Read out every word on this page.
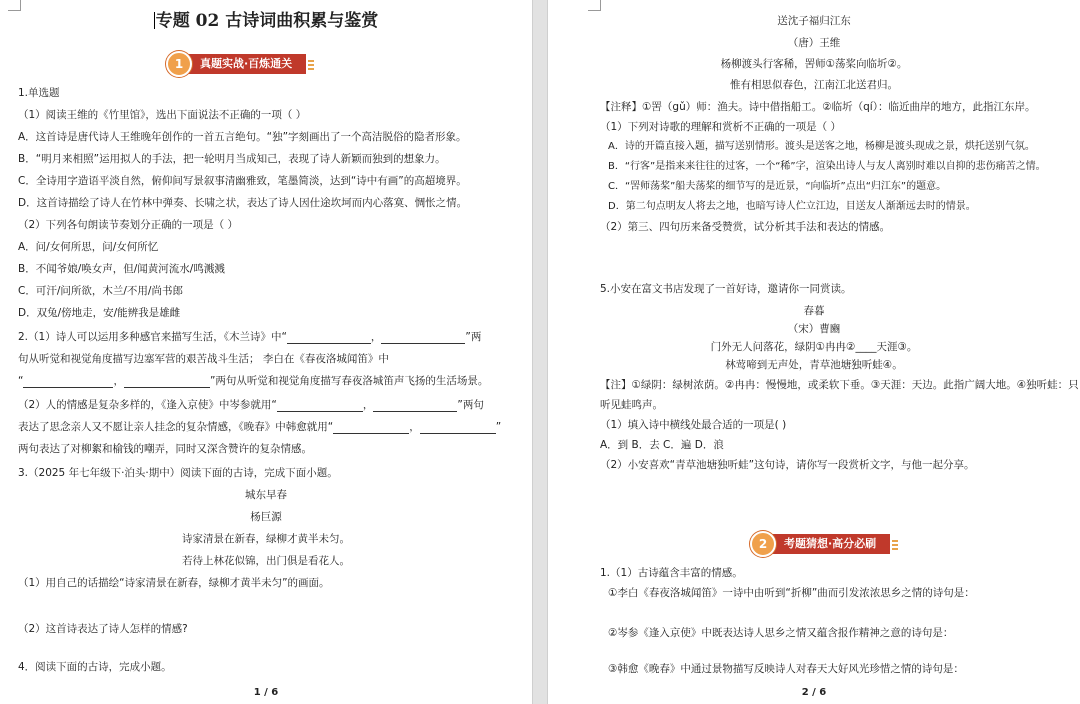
专题 02 古诗词曲积累与鉴赏
1	真题实战·百炼通关
1.单选题
（1）阅读王维的《竹里馆》，选出下面说法不正确的一项（ ）
A．这首诗是唐代诗人王维晚年创作的一首五言绝句。“独”字刻画出了一个高洁脱俗的隐者形象。
B．“明月来相照”运用拟人的手法，把一轮明月当成知己，表现了诗人新颖而独到的想象力。
C．全诗用字造语平淡自然，俯仰间写景叙事清幽雅致，笔墨简淡，达到“诗中有画”的高超境界。
D．这首诗描绘了诗人在竹林中弹奏、长啸之状，表达了诗人因仕途坎坷而内心落寞、惆怅之情。
（2）下列各句朗读节奏划分正确的一项是（ ）
A．问/女何所思，问/女何所忆
B．不闻爷娘/唤女声，但/闻黄河流水/鸣溅溅
C．可汗/问所欲，木兰/不用/尚书郎
D．双兔/傍地走，安/能辨我是雄雌
2.（1）诗人可以运用多种感官来描写生活，《木兰诗》中“	，	”两
句从听觉和视觉角度描写边塞军营的艰苦战斗生活； 李白在《春夜洛城闻笛》中
“	，	”两句从听觉和视觉角度描写春夜洛城笛声飞扬的生活场景。
（2）人的情感是复杂多样的，《逢入京使》中岑参就用“	，	”两句
表达了思念亲人又不愿让亲人挂念的复杂情感，《晚春》中韩愈就用“	，	”
两句表达了对柳絮和榆钱的嘲弄，同时又深含赞许的复杂情感。
3.（2025 年七年级下·泊头·期中）阅读下面的古诗，完成下面小题。
城东早春
杨巨源
诗家清景在新春，绿柳才黄半未匀。
若待上林花似锦，出门俱是看花人。
（1）用自己的话描绘“诗家清景在新春，绿柳才黄半未匀”的画面。
（2）这首诗表达了诗人怎样的情感?
4．阅读下面的古诗，完成小题。
1 / 6
送沈子福归江东
（唐）王维
杨柳渡头行客稀，罟师①荡桨向临圻②。
惟有相思似春色，江南江北送君归。
【注释】①罟（gǔ）师：渔夫。诗中借指船工。②临圻（qí）：临近曲岸的地方，此指江东岸。
（1）下列对诗歌的理解和赏析不正确的一项是（ ）
A．诗的开篇直接入题，描写送别情形。渡头是送客之地，杨柳是渡头现成之景，烘托送别气氛。
B．“行客”是指来来往往的过客，一个“稀”字，渲染出诗人与友人离别时难以自抑的悲伤痛苦之情。
C．“罟师荡桨”船夫荡桨的细节写的是近景，“向临圻”点出“归江东”的题意。
D．第二句点明友人将去之地，也暗写诗人伫立江边，目送友人渐渐远去时的情景。
（2）第三、四句历来备受赞赏，试分析其手法和表达的情感。
5.小安在富文书店发现了一首好诗，邀请你一同赏读。
春暮
（宋）曹豳
门外无人问落花，绿阴①冉冉②____天涯③。
林莺啼到无声处，青草池塘独听蛙④。
【注】①绿阴：绿树浓荫。②冉冉：慢慢地，或柔软下垂。③天涯：天边。此指广阔大地。④独听蛙：只
听见蛙鸣声。
（1）填入诗中横线处最合适的一项是( )
A．到 B．去 C．遍 D．浪
（2）小安喜欢“青草池塘独听蛙”这句诗，请你写一段赏析文字，与他一起分享。
2	考题猜想·高分必刷
1.（1）古诗蕴含丰富的情感。
①李白《春夜洛城闻笛》一诗中由听到“折柳”曲而引发浓浓思乡之情的诗句是：
②岑参《逢入京使》中既表达诗人思乡之情又蕴含报作精神之意的诗句是：
③韩愈《晚春》中通过景物描写反映诗人对春天大好风光珍惜之情的诗句是：
2 / 6
